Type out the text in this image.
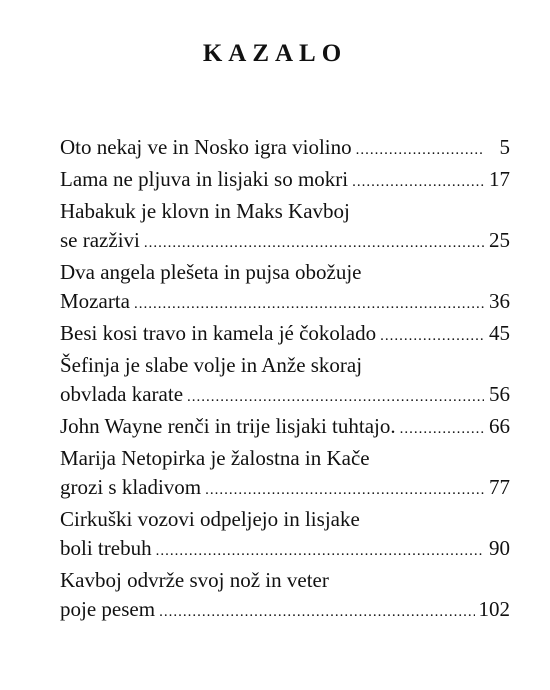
KAZALO
Oto nekaj ve in Nosko igra violino .....	5
Lama ne pljuva in lisjaki so mokri .....	17
Habakuk je klovn in Maks Kavboj
se razživi .....	25
Dva angela plešeta in pujsa obožuje
Mozarta .....	36
Besi kosi travo in kamela jé čokolado .....	45
Šefinja je slabe volje in Anže skoraj
obvlada karate .....	56
John Wayne renči in trije lisjaki tuhtajo. .....	66
Marija Netopirka je žalostna in Kače
grozi s kladivom .....	77
Cirkuški vozovi odpeljejo in lisjake
boli trebuh .....	90
Kavboj odvrže svoj nož in veter
poje pesem .....	102
